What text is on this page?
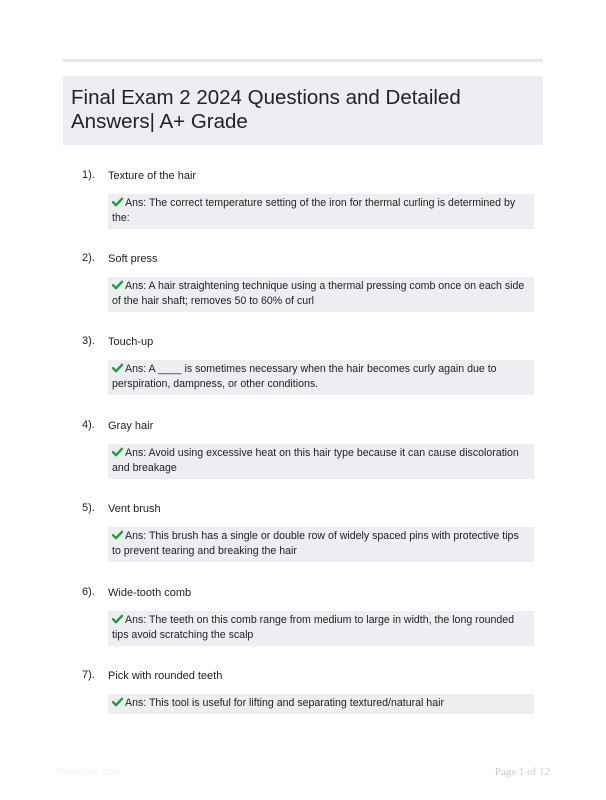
Final Exam 2 2024 Questions and Detailed Answers| A+ Grade
1). Texture of the hair
Ans: The correct temperature setting of the iron for thermal curling is determined by the:
2). Soft press
Ans: A hair straightening technique using a thermal pressing comb once on each side of the hair shaft; removes 50 to 60% of curl
3). Touch-up
Ans: A ____ is sometimes necessary when the hair becomes curly again due to perspiration, dampness, or other conditions.
4). Gray hair
Ans: Avoid using excessive heat on this hair type because it can cause discoloration and breakage
5). Vent brush
Ans: This brush has a single or double row of widely spaced pins with protective tips to prevent tearing and breaking the hair
6). Wide-tooth comb
Ans: The teeth on this comb range from medium to large in width, the long rounded tips avoid scratching the scalp
7). Pick with rounded teeth
Ans: This tool is useful for lifting and separating textured/natural hair
Paperlibe.com	Page 1 of 12
